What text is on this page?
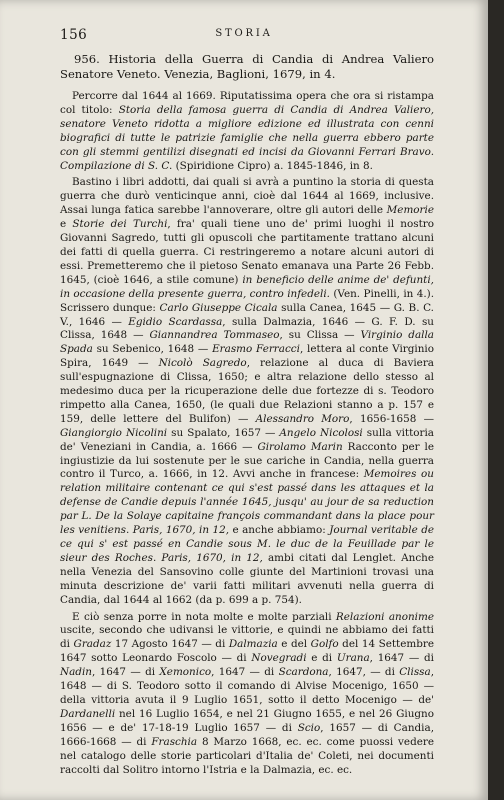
156	STORIA

956. Historia della Guerra di Candia di Andrea Valiero Senatore Veneto. Venezia, Baglioni, 1679, in 4.

Percorre dal 1644 al 1669. Riputatissima opera che ora si ristampa col titolo: Storia della famosa guerra di Candia di Andrea Valiero, senatore Veneto ridotta a migliore edizione ed illustrata con cenni biografici di tutte le patrizie famiglie che nella guerra ebbero parte con gli stemmi gentilizi disegnati ed incisi da Giovanni Ferrari Bravo. Compilazione di S. C. (Spiridione Cipro) a. 1845-1846, in 8.

Bastino i libri addotti, dai quali si avrà a puntino la storia di questa guerra che durò venticinque anni, cioè dal 1644 al 1669, inclusive. Assai lunga fatica sarebbe l'annoverare, oltre gli autori delle Memorie e Storie dei Turchi, fra' quali tiene uno de' primi luoghi il nostro Giovanni Sagredo, tutti gli opuscoli che partitamente trattano alcuni dei fatti di quella guerra. Ci restringeremo a notare alcuni autori di essi. Premetteremo che il pietoso Senato emanava una Parte 26 Febb. 1645, (cioè 1646, a stile comune) in beneficio delle anime de' defunti, in occasione della presente guerra, contro infedeli. (Ven. Pinelli, in 4.). Scrissero dunque: Carlo Giuseppe Cicala sulla Canea, 1645 — G. B. C. V., 1646 — Egidio Scardassa, sulla Dalmazia, 1646 — G. F. D. su Clissa, 1648 — Giannandrea Tommaseo, su Clissa — Virginio dalla Spada su Sebenico, 1648 — Erasmo Ferracci, lettera al conte Virginio Spira, 1649 — Nicolò Sagredo, relazione al duca di Baviera sull'espugnazione di Clissa, 1650; e altra relazione dello stesso al medesimo duca per la ricuperazione delle due fortezze di s. Teodoro rimpetto alla Canea, 1650, (le quali due Relazioni stanno a p. 157 e 159, delle lettere del Bulifon) — Alessandro Moro, 1656-1658 — Giangiorgio Nicolini su Spalato, 1657 — Angelo Nicolosi sulla vittoria de' Veneziani in Candia, a. 1666 — Girolamo Marin Racconto per le ingiustizie da lui sostenute per le sue cariche in Candia, nella guerra contro il Turco, a. 1666, in 12. Avvi anche in francese: Memoires ou relation militaire contenant ce qui s'est passé dans les attaques et la defense de Candie depuis l'année 1645, jusqu' au jour de sa reduction par L. De la Solaye capitaine françois commandant dans la place pour les venitiens. Paris, 1670, in 12, e anche abbiamo: Journal veritable de ce qui s' est passé en Candie sous M. le duc de la Feuillade par le sieur des Roches. Paris, 1670, in 12, ambi citati dal Lenglet. Anche nella Venezia del Sansovino colle giunte del Martinioni trovasi una minuta descrizione de' varii fatti militari avvenuti nella guerra di Candia, dal 1644 al 1662 (da p. 699 a p. 754).

E ciò senza porre in nota molte e molte parziali Relazioni anonime uscite, secondo che udivansi le vittorie, e quindi ne abbiamo dei fatti di Gradaz 17 Agosto 1647 — di Dalmazia e del Golfo del 14 Settembre 1647 sotto Leonardo Foscolo — di Novegradi e di Urana, 1647 — di Nadin, 1647 — di Xemonico, 1647 — di Scardona, 1647, — di Clissa, 1648 — di S. Teodoro sotto il comando di Alvise Mocenigo, 1650 — della vittoria avuta il 9 Luglio 1651, sotto il detto Mocenigo — de' Dardanelli nel 16 Luglio 1654, e nel 21 Giugno 1655, e nel 26 Giugno 1656 — e de' 17-18-19 Luglio 1657 — di Scio, 1657 — di Candia, 1666-1668 — di Fraschia 8 Marzo 1668, ec. ec. come puossi vedere nel catalogo delle storie particolari d'Italia de' Coleti, nei documenti raccolti dal Solitro intorno l'Istria e la Dalmazia, ec. ec.
